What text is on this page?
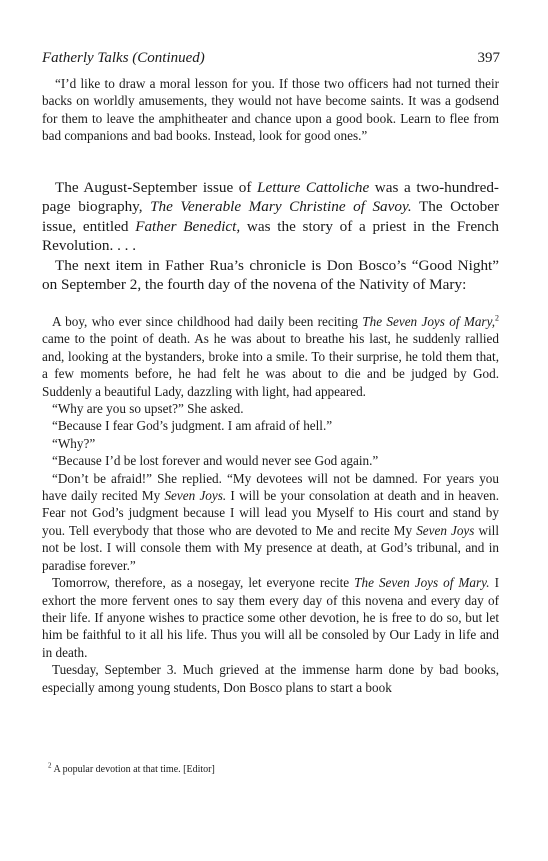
Fatherly Talks (Continued)	397

“I’d like to draw a moral lesson for you. If those two officers had not turned their backs on worldly amusements, they would not have become saints. It was a godsend for them to leave the amphitheater and chance upon a good book. Learn to flee from bad companions and bad books. Instead, look for good ones.”

The August-September issue of Letture Cattoliche was a two-hundred-page biography, The Venerable Mary Christine of Savoy. The October issue, entitled Father Benedict, was the story of a priest in the French Revolution. . . .

The next item in Father Rua’s chronicle is Don Bosco’s “Good Night” on September 2, the fourth day of the novena of the Nativity of Mary:

A boy, who ever since childhood had daily been reciting The Seven Joys of Mary,$^2$ came to the point of death. As he was about to breathe his last, he suddenly rallied and, looking at the bystanders, broke into a smile. To their surprise, he told them that, a few moments before, he had felt he was about to die and be judged by God. Suddenly a beautiful Lady, dazzling with light, had appeared.

“Why are you so upset?” She asked.

“Because I fear God’s judgment. I am afraid of hell.”

“Why?”

“Because I’d be lost forever and would never see God again.”

“Don’t be afraid!” She replied. “My devotees will not be damned. For years you have daily recited My Seven Joys. I will be your consolation at death and in heaven. Fear not God’s judgment because I will lead you Myself to His court and stand by you. Tell everybody that those who are devoted to Me and recite My Seven Joys will not be lost. I will console them with My presence at death, at God’s tribunal, and in paradise forever.”

Tomorrow, therefore, as a nosegay, let everyone recite The Seven Joys of Mary. I exhort the more fervent ones to say them every day of this novena and every day of their life. If anyone wishes to practice some other devotion, he is free to do so, but let him be faithful to it all his life. Thus you will all be consoled by Our Lady in life and in death.

Tuesday, September 3. Much grieved at the immense harm done by bad books, especially among young students, Don Bosco plans to start a book

$^2$ A popular devotion at that time. [Editor]
